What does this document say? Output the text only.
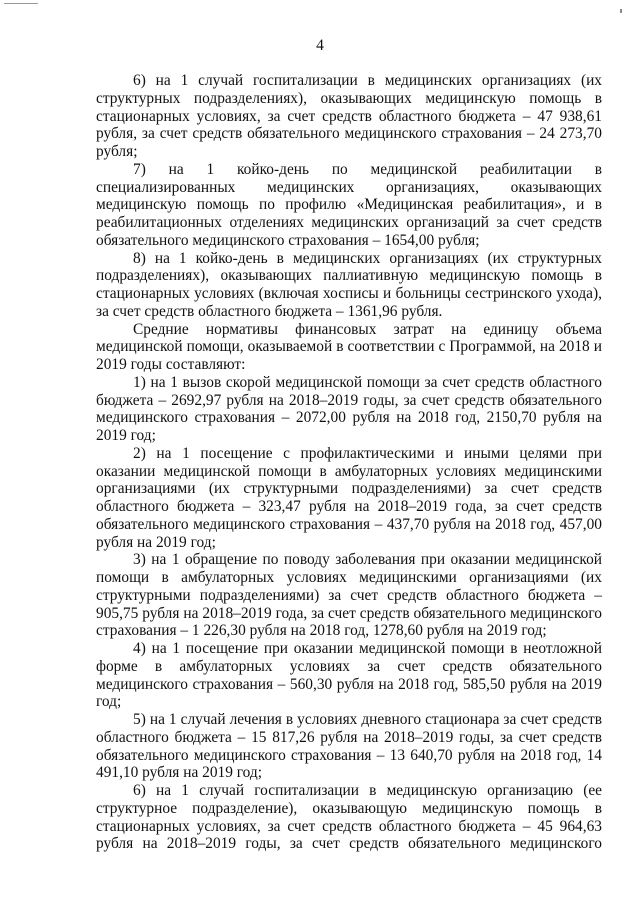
4

6) на 1 случай госпитализации в медицинских организациях (их структурных подразделениях), оказывающих медицинскую помощь в стационарных условиях, за счет средств областного бюджета – 47 938,61 рубля, за счет средств обязательного медицинского страхования – 24 273,70 рубля;

7) на 1 койко-день по медицинской реабилитации в специализированных медицинских организациях, оказывающих медицинскую помощь по профилю «Медицинская реабилитация», и в реабилитационных отделениях медицинских организаций за счет средств обязательного медицинского страхования – 1654,00 рубля;

8) на 1 койко-день в медицинских организациях (их структурных подразделениях), оказывающих паллиативную медицинскую помощь в стационарных условиях (включая хосписы и больницы сестринского ухода), за счет средств областного бюджета – 1361,96 рубля.

Средние нормативы финансовых затрат на единицу объема медицинской помощи, оказываемой в соответствии с Программой, на 2018 и 2019 годы составляют:

1) на 1 вызов скорой медицинской помощи за счет средств областного бюджета – 2692,97 рубля на 2018–2019 годы, за счет средств обязательного медицинского страхования – 2072,00 рубля на 2018 год, 2150,70 рубля на 2019 год;

2) на 1 посещение с профилактическими и иными целями при оказании медицинской помощи в амбулаторных условиях медицинскими организациями (их структурными подразделениями) за счет средств областного бюджета – 323,47 рубля на 2018–2019 года, за счет средств обязательного медицинского страхования – 437,70 рубля на 2018 год, 457,00 рубля на 2019 год;

3) на 1 обращение по поводу заболевания при оказании медицинской помощи в амбулаторных условиях медицинскими организациями (их структурными подразделениями) за счет средств областного бюджета – 905,75 рубля на 2018–2019 года, за счет средств обязательного медицинского страхования – 1 226,30 рубля на 2018 год, 1278,60 рубля на 2019 год;

4) на 1 посещение при оказании медицинской помощи в неотложной форме в амбулаторных условиях за счет средств обязательного медицинского страхования – 560,30 рубля на 2018 год, 585,50 рубля на 2019 год;

5) на 1 случай лечения в условиях дневного стационара за счет средств областного бюджета – 15 817,26 рубля на 2018–2019 годы, за счет средств обязательного медицинского страхования – 13 640,70 рубля на 2018 год, 14 491,10 рубля на 2019 год;

6) на 1 случай госпитализации в медицинскую организацию (ее структурное подразделение), оказывающую медицинскую помощь в стационарных условиях, за счет средств областного бюджета – 45 964,63 рубля на 2018–2019 годы, за счет средств обязательного медицинского
